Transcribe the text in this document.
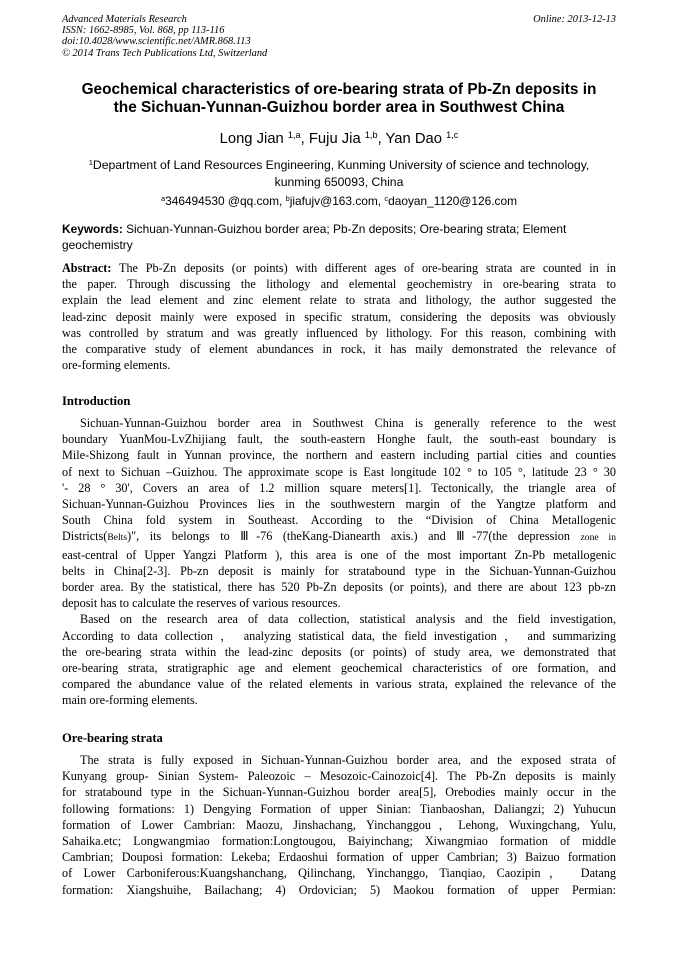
Advanced Materials Research
ISSN: 1662-8985, Vol. 868, pp 113-116
doi:10.4028/www.scientific.net/AMR.868.113
© 2014 Trans Tech Publications Ltd, Switzerland
Online: 2013-12-13
Geochemical characteristics of ore-bearing strata of Pb-Zn deposits in
the Sichuan-Yunnan-Guizhou border area in Southwest China
Long Jian $^{1,a}$, Fuju Jia $^{1,b}$, Yan Dao $^{1,c}$
$^1$Department of Land Resources Engineering, Kunming University of science and technology,
kunming 650093, China
$^a$346494530 @qq.com, $^b$jiafujv@163.com, $^c$daoyan_1120@126.com
Keywords: Sichuan-Yunnan-Guizhou border area; Pb-Zn deposits; Ore-bearing strata; Element
geochemistry
Abstract: The Pb-Zn deposits (or points) with different ages of ore-bearing strata are counted in in
the paper. Through discussing the lithology and elemental geochemistry in ore-bearing strata to
explain the lead element and zinc element relate to strata and lithology, the author suggested the
lead-zinc deposit mainly were exposed in specific stratum, considering the deposits was obviously
was controlled by stratum and was greatly influenced by lithology. For this reason, combining with
the comparative study of element abundances in rock, it has maily demonstrated the relevance of
ore-forming elements.
Introduction
Sichuan-Yunnan-Guizhou border area in Southwest China is generally reference to the west
boundary YuanMou-LvZhijiang fault, the south-eastern Honghe fault, the south-east boundary is
Mile-Shizong fault in Yunnan province, the northern and eastern including partial cities and counties
of next to Sichuan –Guizhou. The approximate scope is East longitude 102 ° to 105 °, latitude 23 ° 30
'- 28 ° 30', Covers an area of 1.2 million square meters[1]. Tectonically, the triangle area of
Sichuan-Yunnan-Guizhou Provinces lies in the southwestern margin of the Yangtze platform and
South China fold system in Southeast. According to the “Division of China Metallogenic
Districts(Belts)", its belongs to Ⅲ-76 (theKang-Dianearth axis.) and Ⅲ-77(the depression zone in
east-central of Upper Yangzi Platform ), this area is one of the most important Zn-Pb metallogenic
belts in China[2-3]. Pb-zn deposit is mainly for stratabound type in the Sichuan-Yunnan-Guizhou
border area. By the statistical, there has 520 Pb-Zn deposits (or points), and there are about 123 pb-zn
deposit has to calculate the reserves of various resources.
Based on the research area of data collection, statistical analysis and the field investigation,
According to data collection ， analyzing statistical data, the field investigation ， and summarizing
the ore-bearing strata within the lead-zinc deposits (or points) of study area, we demonstrated that
ore-bearing strata, stratigraphic age and element geochemical characteristics of ore formation, and
compared the abundance value of the related elements in various strata, explained the relevance of the
main ore-forming elements.
Ore-bearing strata
The strata is fully exposed in Sichuan-Yunnan-Guizhou border area, and the exposed strata of
Kunyang group- Sinian System- Paleozoic – Mesozoic-Cainozoic[4]. The Pb-Zn deposits is mainly
for stratabound type in the Sichuan-Yunnan-Guizhou border area[5], Orebodies mainly occur in the
following formations: 1) Dengying Formation of upper Sinian: Tianbaoshan, Daliangzi; 2) Yuhucun
formation of Lower Cambrian: Maozu, Jinshachang, Yinchanggou，Lehong, Wuxingchang, Yulu,
Sahaika.etc; Longwangmiao formation:Longtougou, Baiyinchang; Xiwangmiao formation of middle
Cambrian; Douposi formation: Lekeba; Erdaoshui formation of upper Cambrian; 3) Baizuo formation
of Lower Carboniferous:Kuangshanchang, Qilinchang, Yinchanggo, Tianqiao, Caozipin， Datang
formation: Xiangshuihe, Bailachang; 4) Ordovician; 5) Maokou formation of upper Permian:
